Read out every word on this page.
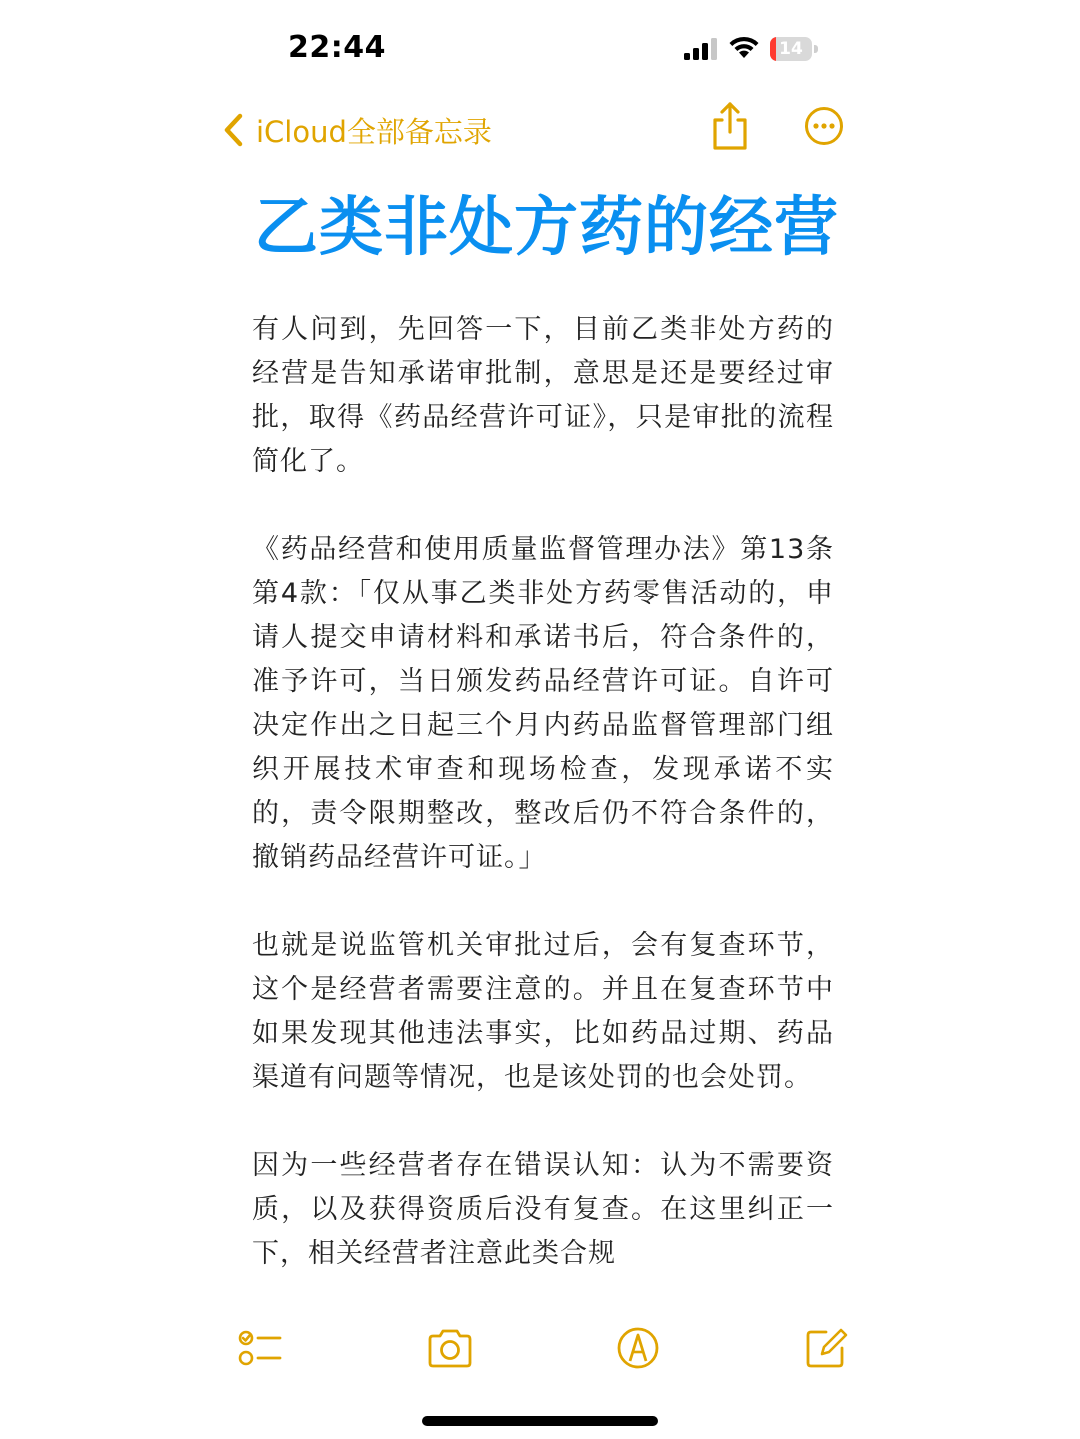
22:44	14
iCloud全部备忘录
乙类非处方药的经营

有人问到，先回答一下，目前乙类非处方药的经营是告知承诺审批制，意思是还是要经过审批，取得《药品经营许可证》，只是审批的流程简化了。

《药品经营和使用质量监督管理办法》第13条第4款：「仅从事乙类非处方药零售活动的，申请人提交申请材料和承诺书后，符合条件的，准予许可，当日颁发药品经营许可证。自许可决定作出之日起三个月内药品监督管理部门组织开展技术审查和现场检查，发现承诺不实的，责令限期整改，整改后仍不符合条件的，撤销药品经营许可证。」

也就是说监管机关审批过后，会有复查环节，这个是经营者需要注意的。并且在复查环节中如果发现其他违法事实，比如药品过期、药品渠道有问题等情况，也是该处罚的也会处罚。

因为一些经营者存在错误认知：认为不需要资质，以及获得资质后没有复查。在这里纠正一下，相关经营者注意此类合规
